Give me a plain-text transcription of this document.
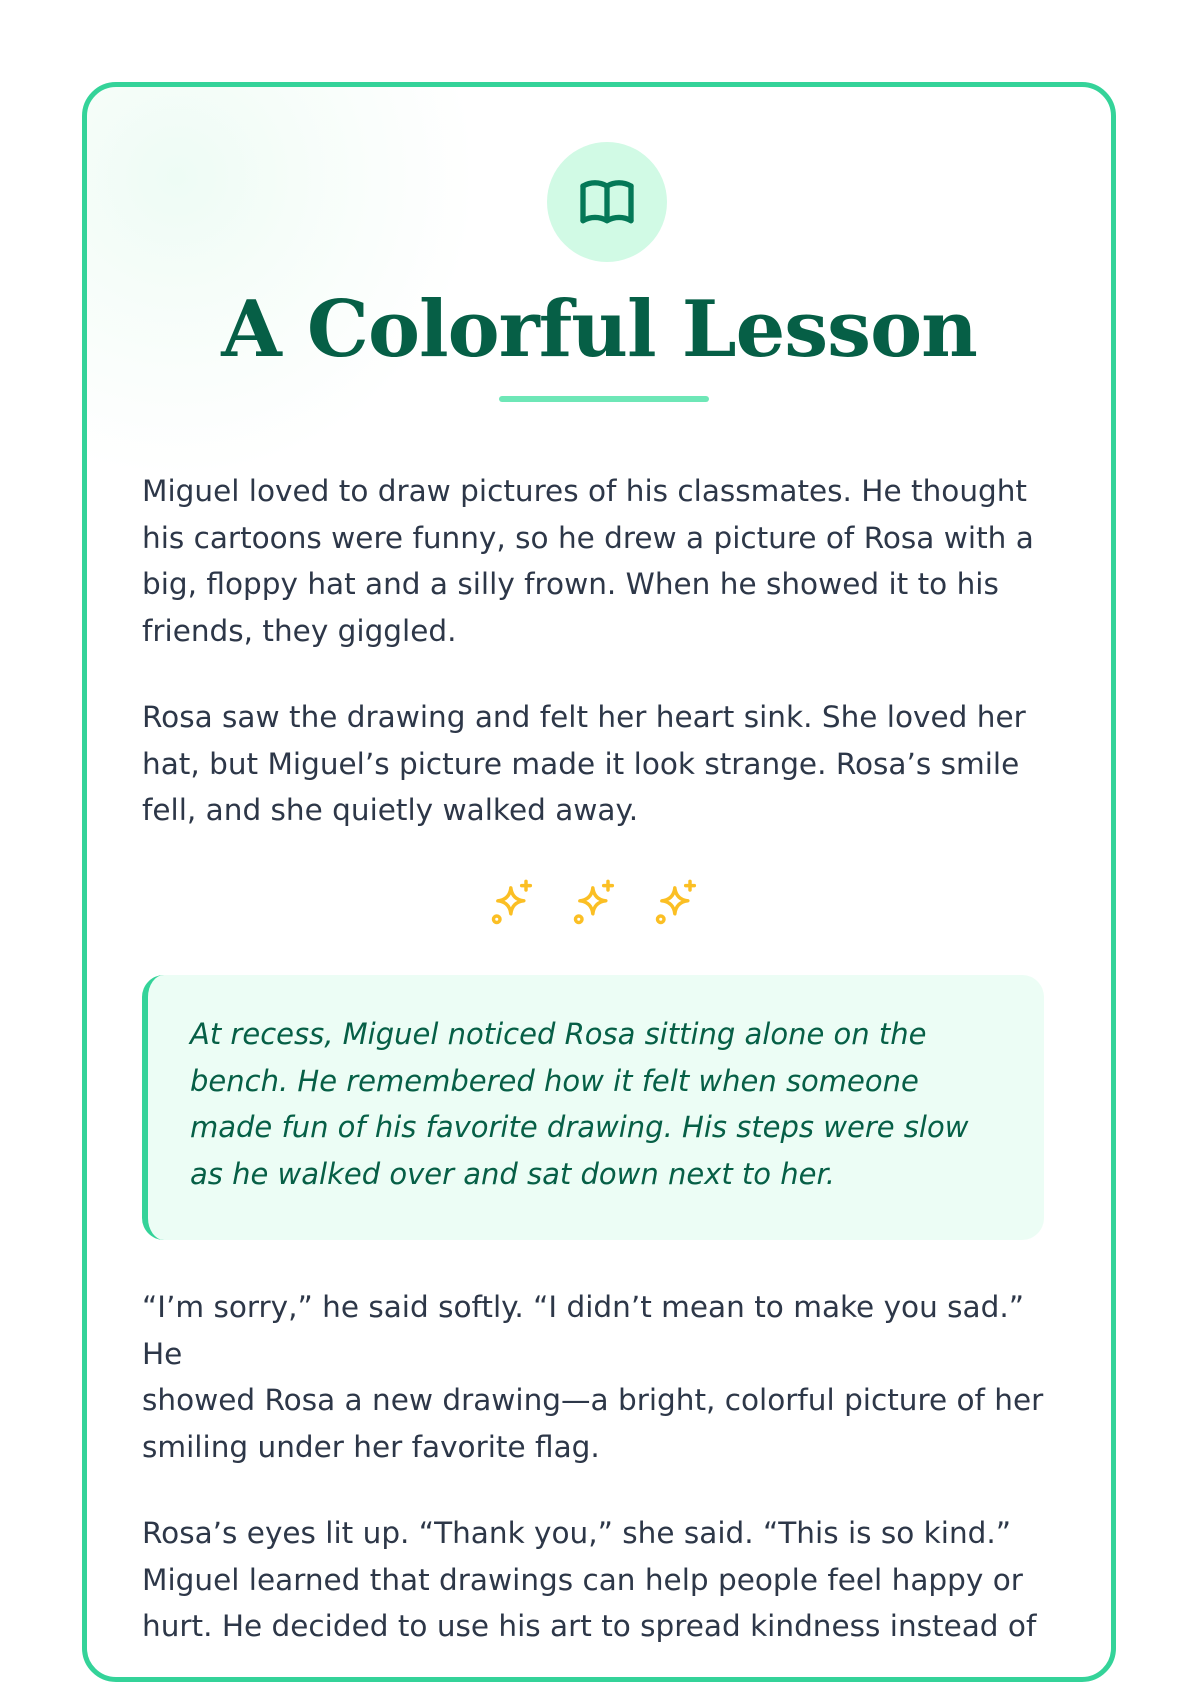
A Colorful Lesson

Miguel loved to draw pictures of his classmates. He thought
his cartoons were funny, so he drew a picture of Rosa with a
big, floppy hat and a silly frown. When he showed it to his
friends, they giggled.

Rosa saw the drawing and felt her heart sink. She loved her
hat, but Miguel’s picture made it look strange. Rosa’s smile
fell, and she quietly walked away.

At recess, Miguel noticed Rosa sitting alone on the
bench. He remembered how it felt when someone
made fun of his favorite drawing. His steps were slow
as he walked over and sat down next to her.

“I’m sorry,” he said softly. “I didn’t mean to make you sad.” He
showed Rosa a new drawing—a bright, colorful picture of her
smiling under her favorite flag.

Rosa’s eyes lit up. “Thank you,” she said. “This is so kind.”
Miguel learned that drawings can help people feel happy or
hurt. He decided to use his art to spread kindness instead of
